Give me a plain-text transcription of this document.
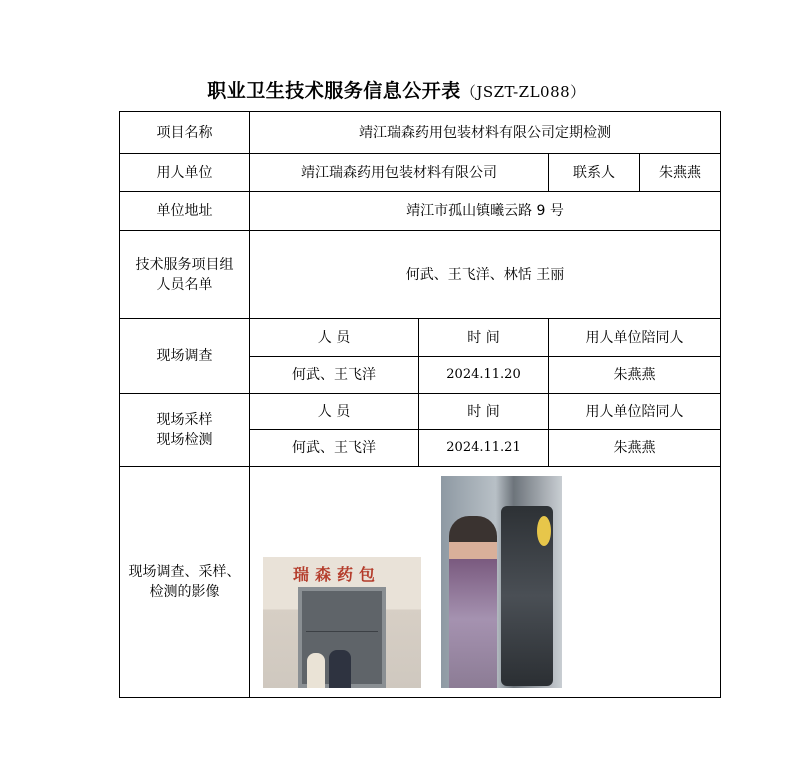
职业卫生技术服务信息公开表（JSZT-ZL088）
项目名称	靖江瑞森药用包装材料有限公司定期检测			
用人单位	靖江瑞森药用包装材料有限公司		联系人	朱燕燕
单位地址	靖江市孤山镇曦云路 9 号			
技术服务项目组
人员名单	何武、王飞洋、林恬 王丽			
现场调查	人 员	时 间	用人单位陪同人	
	何武、王飞洋	2024.11.20	朱燕燕	
现场采样
现场检测	人 员	时 间	用人单位陪同人	
	何武、王飞洋	2024.11.21	朱燕燕	
现场调查、采样、
检测的影像	瑞森药包			
